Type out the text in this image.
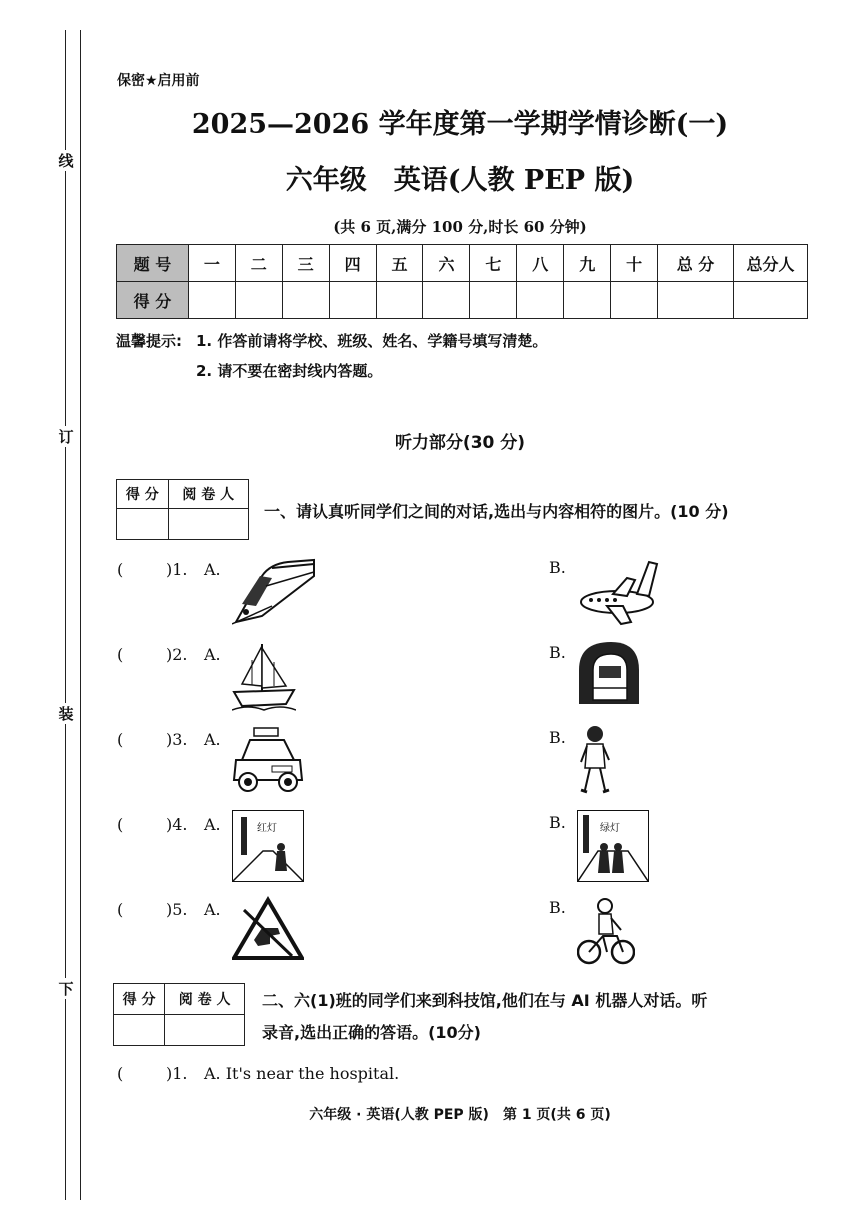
线
订
装
下
保密★启用前
2025—2026 学年度第一学期学情诊断(一)
六年级　英语(人教 PEP 版)
(共 6 页,满分 100 分,时长 60 分钟)
题 号	一	二	三	四	五	六	七	八	九	十	总 分	总分人
得 分												
温馨提示: 1. 作答前请将学校、班级、姓名、学籍号填写清楚。
2. 请不要在密封线内答题。
听力部分(30 分)
得 分	阅 卷 人

一、请认真听同学们之间的对话,选出与内容相符的图片。(10 分)
(	)1. A.	B.
(	)2. A.	B.
(	)3. A.	B.
(	)4. A.	B.
红灯	绿灯
(	)5. A.	B.
得 分	阅 卷 人
	二、六(1)班的同学们来到科技馆,他们在与 AI 机器人对话。听
录音,选出正确的答语。(10分)
(	)1. A. It's near the hospital.
六年级 · 英语(人教 PEP 版)　第 1 页(共 6 页)
